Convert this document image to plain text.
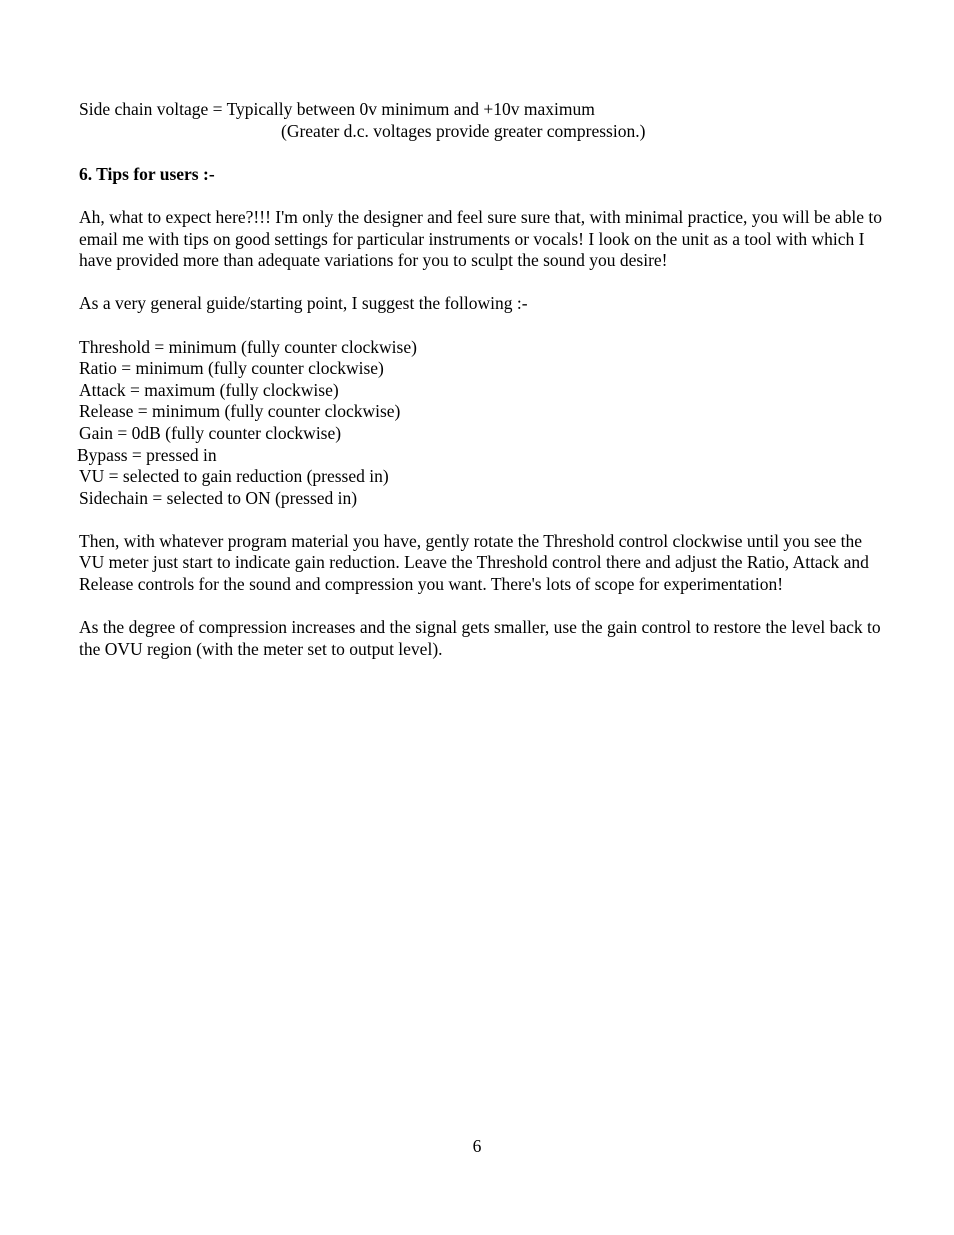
Side chain voltage = Typically between 0v minimum and +10v maximum
(Greater d.c. voltages provide greater compression.)
6. Tips for users :-

Ah, what to expect here?!!! I'm only the designer and feel sure sure that, with minimal practice, you will be able to email me with tips on good settings for particular instruments or vocals! I look on the unit as a tool with which I have provided more than adequate variations for you to sculpt the sound you desire!

As a very general guide/starting point, I suggest the following :-
Threshold = minimum (fully counter clockwise)
Ratio = minimum (fully counter clockwise)
Attack = maximum (fully clockwise)
Release = minimum (fully counter clockwise)
Gain = 0dB (fully counter clockwise)
Bypass = pressed in
VU = selected to gain reduction (pressed in)
Sidechain = selected to ON (pressed in)

Then, with whatever program material you have, gently rotate the Threshold control clockwise until you see the VU meter just start to indicate gain reduction. Leave the Threshold control there and adjust the Ratio, Attack and Release controls for the sound and compression you want. There's lots of scope for experimentation!

As the degree of compression increases and the signal gets smaller, use the gain control to restore the level back to the OVU region (with the meter set to output level).

6
